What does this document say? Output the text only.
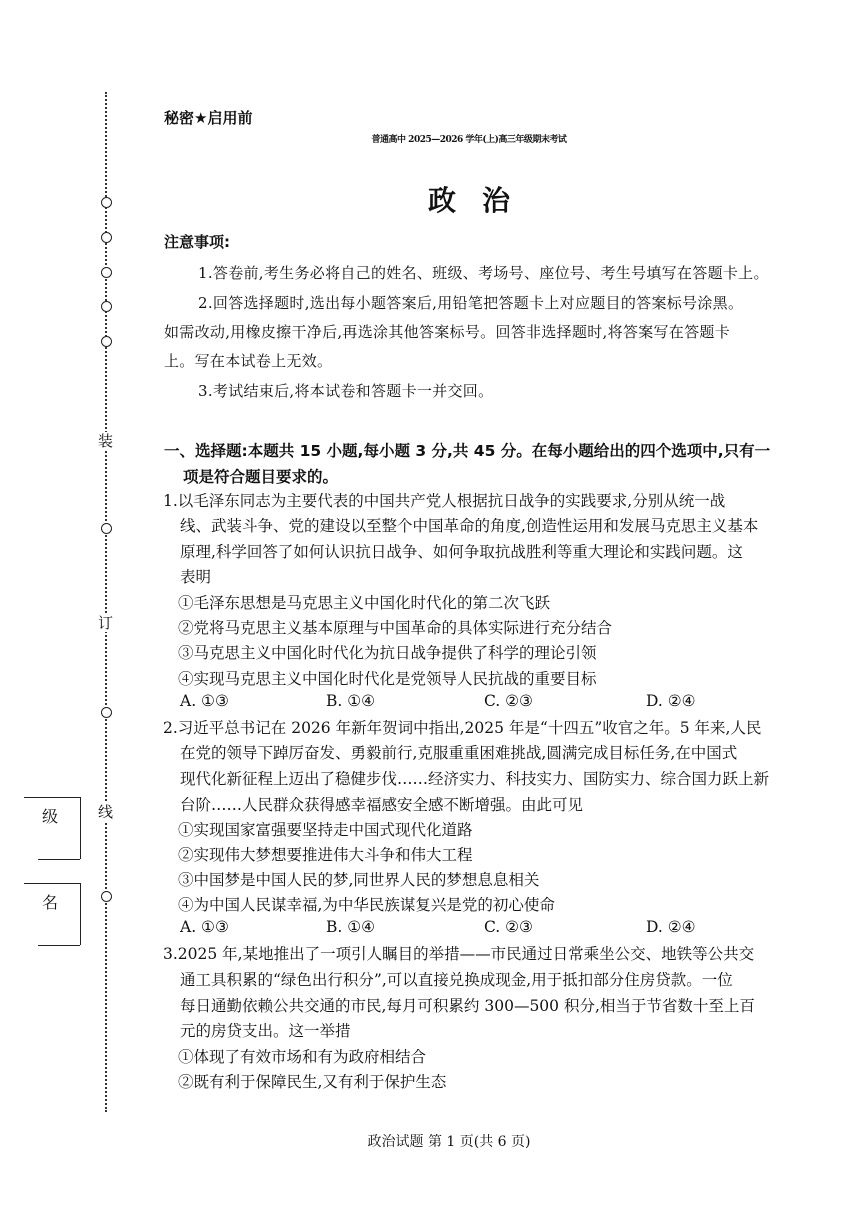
装
订
线
级
名
秘密★启用前
普通高中 2025—2026 学年(上)高三年级期末考试
政治
注意事项:
1.答卷前,考生务必将自己的姓名、班级、考场号、座位号、考生号填写在答题卡上。
2.回答选择题时,选出每小题答案后,用铅笔把答题卡上对应题目的答案标号涂黑。
如需改动,用橡皮擦干净后,再选涂其他答案标号。回答非选择题时,将答案写在答题卡
上。写在本试卷上无效。
3.考试结束后,将本试卷和答题卡一并交回。
一、选择题:本题共 15 小题,每小题 3 分,共 45 分。在每小题给出的四个选项中,只有一
项是符合题目要求的。
1.以毛泽东同志为主要代表的中国共产党人根据抗日战争的实践要求,分别从统一战
线、武装斗争、党的建设以至整个中国革命的角度,创造性运用和发展马克思主义基本
原理,科学回答了如何认识抗日战争、如何争取抗战胜利等重大理论和实践问题。这
表明
①毛泽东思想是马克思主义中国化时代化的第二次飞跃
②党将马克思主义基本原理与中国革命的具体实际进行充分结合
③马克思主义中国化时代化为抗日战争提供了科学的理论引领
④实现马克思主义中国化时代化是党领导人民抗战的重要目标
A. ①③	B. ①④	C. ②③	D. ②④
2.习近平总书记在 2026 年新年贺词中指出,2025 年是“十四五”收官之年。5 年来,人民
在党的领导下踔厉奋发、勇毅前行,克服重重困难挑战,圆满完成目标任务,在中国式
现代化新征程上迈出了稳健步伐……经济实力、科技实力、国防实力、综合国力跃上新
台阶……人民群众获得感幸福感安全感不断增强。由此可见
①实现国家富强要坚持走中国式现代化道路
②实现伟大梦想要推进伟大斗争和伟大工程
③中国梦是中国人民的梦,同世界人民的梦想息息相关
④为中国人民谋幸福,为中华民族谋复兴是党的初心使命
A. ①③	B. ①④	C. ②③	D. ②④
3.2025 年,某地推出了一项引人瞩目的举措——市民通过日常乘坐公交、地铁等公共交
通工具积累的“绿色出行积分”,可以直接兑换成现金,用于抵扣部分住房贷款。一位
每日通勤依赖公共交通的市民,每月可积累约 300—500 积分,相当于节省数十至上百
元的房贷支出。这一举措
①体现了有效市场和有为政府相结合
②既有利于保障民生,又有利于保护生态
政治试题 第 1 页(共 6 页)
